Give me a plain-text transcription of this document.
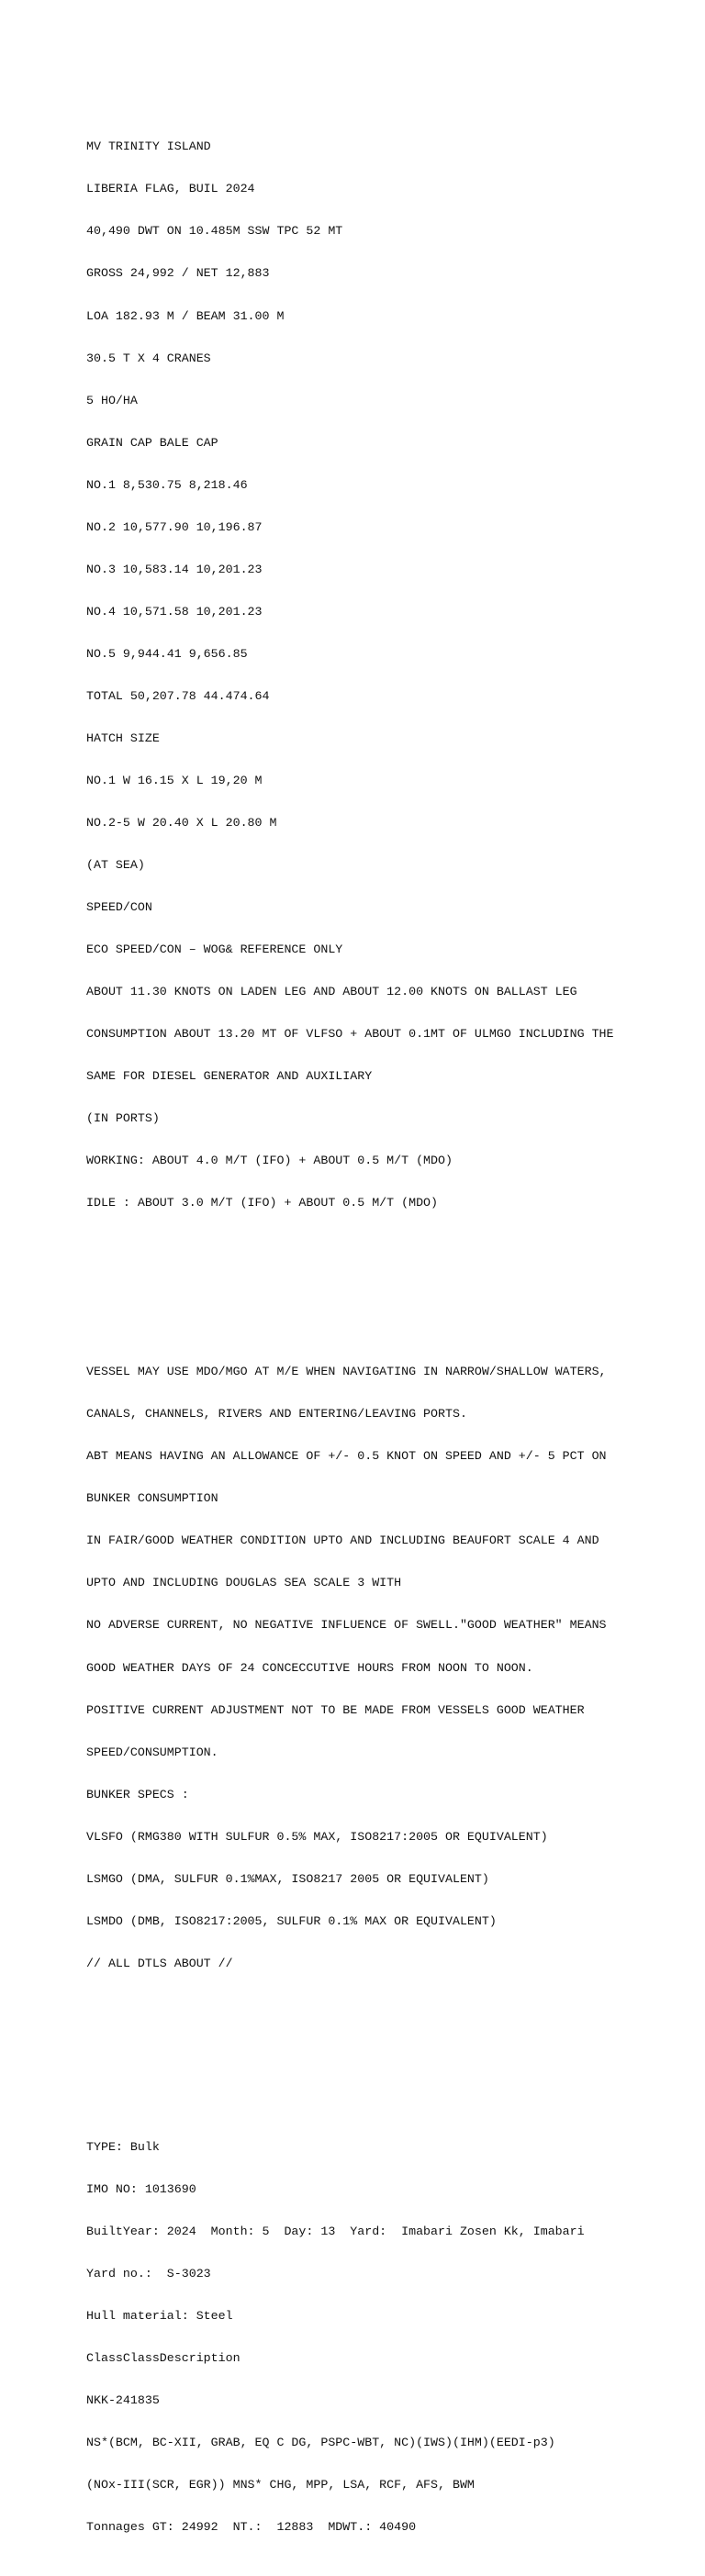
MV TRINITY ISLAND

LIBERIA FLAG, BUIL 2024

40,490 DWT ON 10.485M SSW TPC 52 MT

GROSS 24,992 / NET 12,883

LOA 182.93 M / BEAM 31.00 M

30.5 T X 4 CRANES

5 HO/HA

GRAIN CAP BALE CAP

NO.1 8,530.75 8,218.46

NO.2 10,577.90 10,196.87

NO.3 10,583.14 10,201.23

NO.4 10,571.58 10,201.23

NO.5 9,944.41 9,656.85

TOTAL 50,207.78 44.474.64

HATCH SIZE

NO.1 W 16.15 X L 19,20 M

NO.2-5 W 20.40 X L 20.80 M

(AT SEA)

SPEED/CON

ECO SPEED/CON – WOG& REFERENCE ONLY

ABOUT 11.30 KNOTS ON LADEN LEG AND ABOUT 12.00 KNOTS ON BALLAST LEG

CONSUMPTION ABOUT 13.20 MT OF VLFSO + ABOUT 0.1MT OF ULMGO INCLUDING THE

SAME FOR DIESEL GENERATOR AND AUXILIARY

(IN PORTS)

WORKING: ABOUT 4.0 M/T (IFO) + ABOUT 0.5 M/T (MDO)

IDLE : ABOUT 3.0 M/T (IFO) + ABOUT 0.5 M/T (MDO)

VESSEL MAY USE MDO/MGO AT M/E WHEN NAVIGATING IN NARROW/SHALLOW WATERS,

CANALS, CHANNELS, RIVERS AND ENTERING/LEAVING PORTS.

ABT MEANS HAVING AN ALLOWANCE OF +/- 0.5 KNOT ON SPEED AND +/- 5 PCT ON

BUNKER CONSUMPTION

IN FAIR/GOOD WEATHER CONDITION UPTO AND INCLUDING BEAUFORT SCALE 4 AND

UPTO AND INCLUDING DOUGLAS SEA SCALE 3 WITH

NO ADVERSE CURRENT, NO NEGATIVE INFLUENCE OF SWELL."GOOD WEATHER" MEANS

GOOD WEATHER DAYS OF 24 CONCECCUTIVE HOURS FROM NOON TO NOON.

POSITIVE CURRENT ADJUSTMENT NOT TO BE MADE FROM VESSELS GOOD WEATHER

SPEED/CONSUMPTION.

BUNKER SPECS :

VLSFO (RMG380 WITH SULFUR 0.5% MAX, ISO8217:2005 OR EQUIVALENT)

LSMGO (DMA, SULFUR 0.1%MAX, ISO8217 2005 OR EQUIVALENT)

LSMDO (DMB, ISO8217:2005, SULFUR 0.1% MAX OR EQUIVALENT)

// ALL DTLS ABOUT //

TYPE: Bulk

IMO NO: 1013690

BuiltYear: 2024  Month: 5  Day: 13  Yard:  Imabari Zosen Kk, Imabari

Yard no.:  S-3023

Hull material: Steel

ClassClassDescription

NKK-241835

NS*(BCM, BC-XII, GRAB, EQ C DG, PSPC-WBT, NC)(IWS)(IHM)(EEDI-p3)

(NOx-III(SCR, EGR)) MNS* CHG, MPP, LSA, RCF, AFS, BWM

Tonnages GT: 24992  NT.:  12883  MDWT.: 40490
